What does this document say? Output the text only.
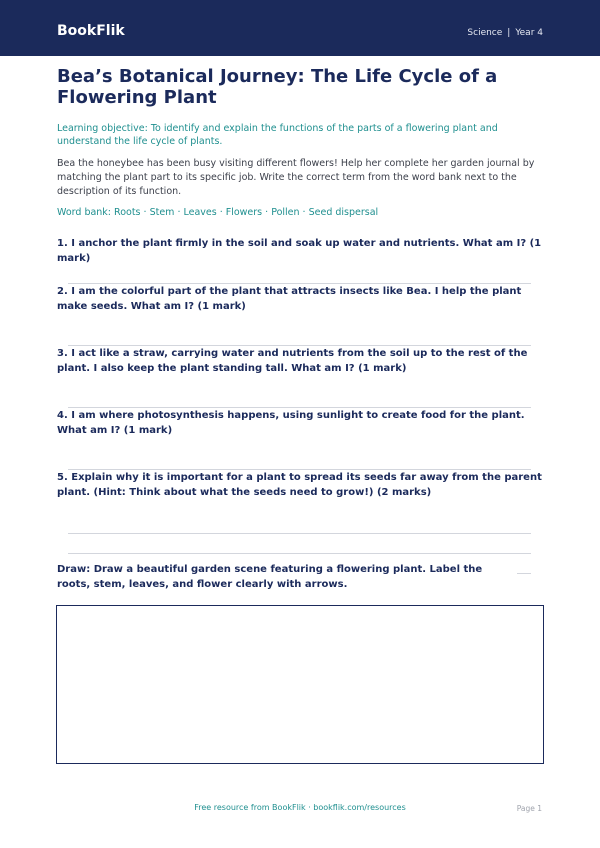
BookFlik	Science | Year 4
Bea’s Botanical Journey: The Life Cycle of a Flowering Plant
Learning objective: To identify and explain the functions of the parts of a flowering plant and understand the life cycle of plants.
Bea the honeybee has been busy visiting different flowers! Help her complete her garden journal by matching the plant part to its specific job. Write the correct term from the word bank next to the description of its function.
Word bank: Roots · Stem · Leaves · Flowers · Pollen · Seed dispersal
1. I anchor the plant firmly in the soil and soak up water and nutrients. What am I? (1 mark)
2. I am the colorful part of the plant that attracts insects like Bea. I help the plant make seeds. What am I? (1 mark)
3. I act like a straw, carrying water and nutrients from the soil up to the rest of the plant. I also keep the plant standing tall. What am I? (1 mark)
4. I am where photosynthesis happens, using sunlight to create food for the plant. What am I? (1 mark)
5. Explain why it is important for a plant to spread its seeds far away from the parent plant. (Hint: Think about what the seeds need to grow!) (2 marks)
Draw: Draw a beautiful garden scene featuring a flowering plant. Label the roots, stem, leaves, and flower clearly with arrows.
Free resource from BookFlik · bookflik.com/resources	Page 1
